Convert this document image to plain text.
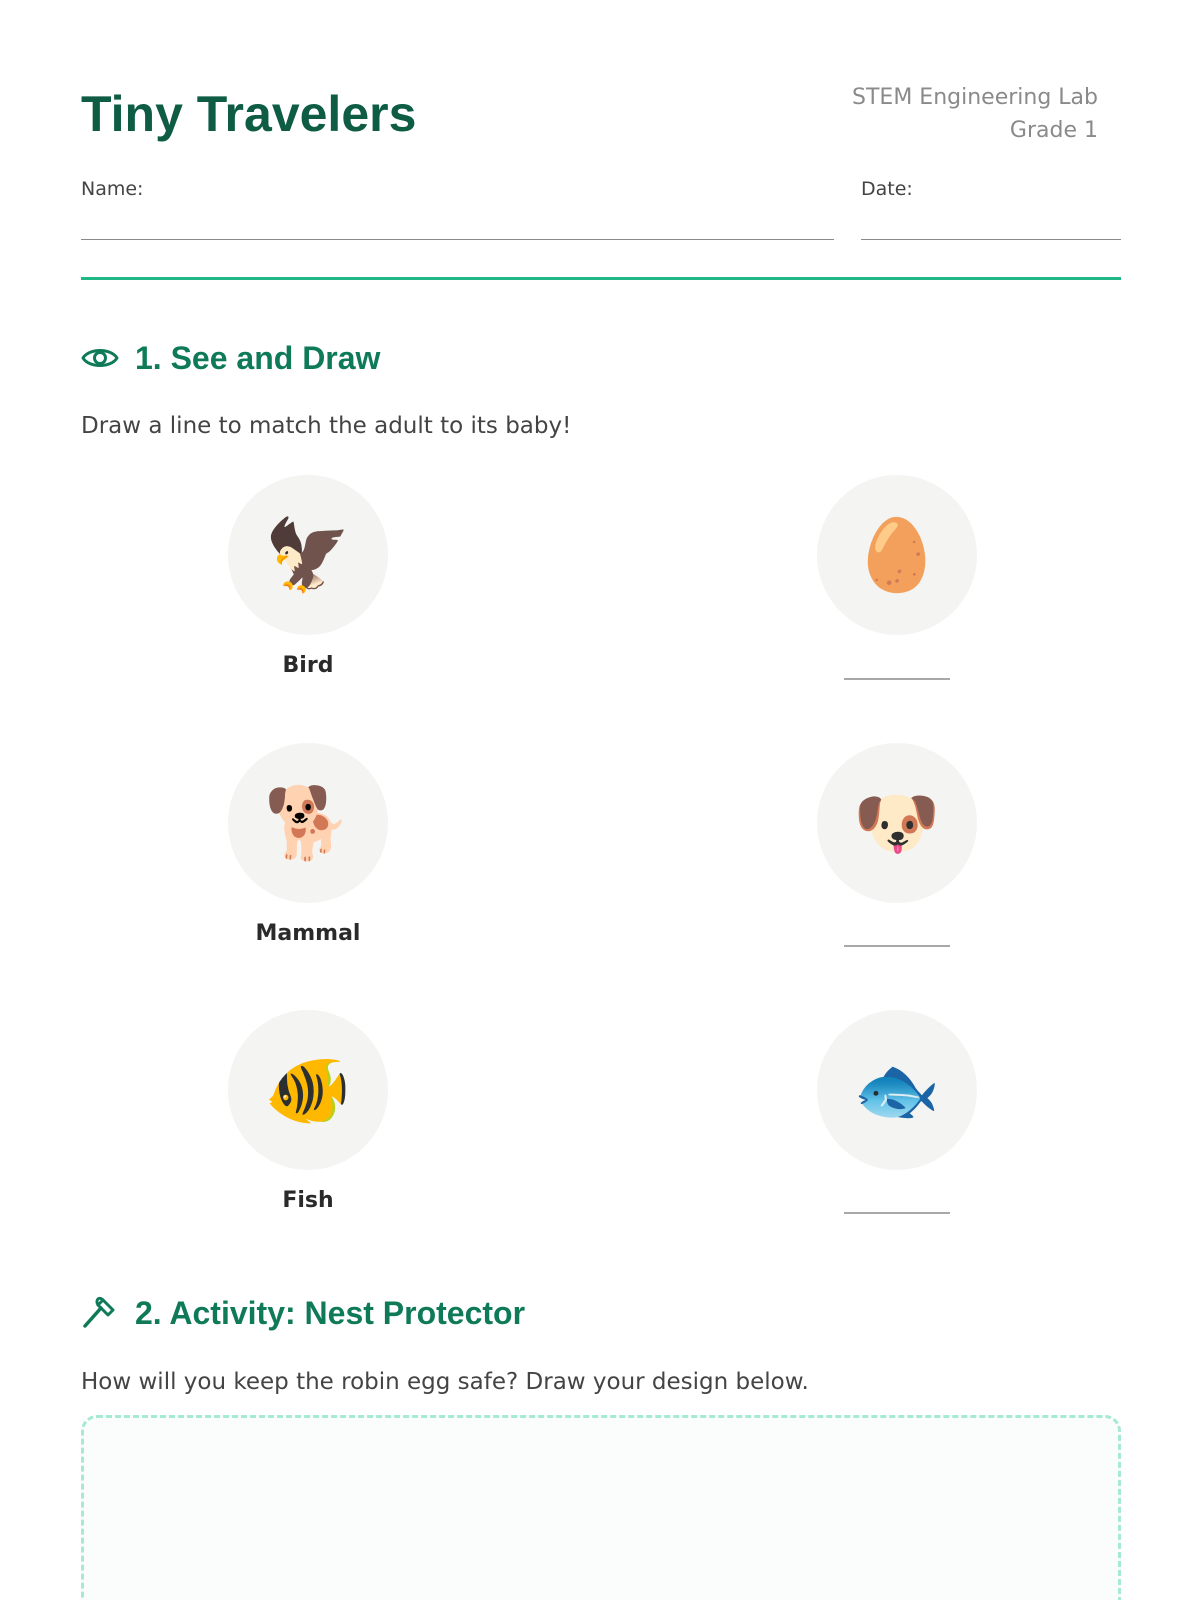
Tiny Travelers	STEM Engineering Lab
Grade 1
Name:	Date:
1. See and Draw
Draw a line to match the adult to its baby!
🦅
Bird
🥚
🐕
Mammal
🐶
🐠
Fish
🐟
2. Activity: Nest Protector
How will you keep the robin egg safe? Draw your design below.
